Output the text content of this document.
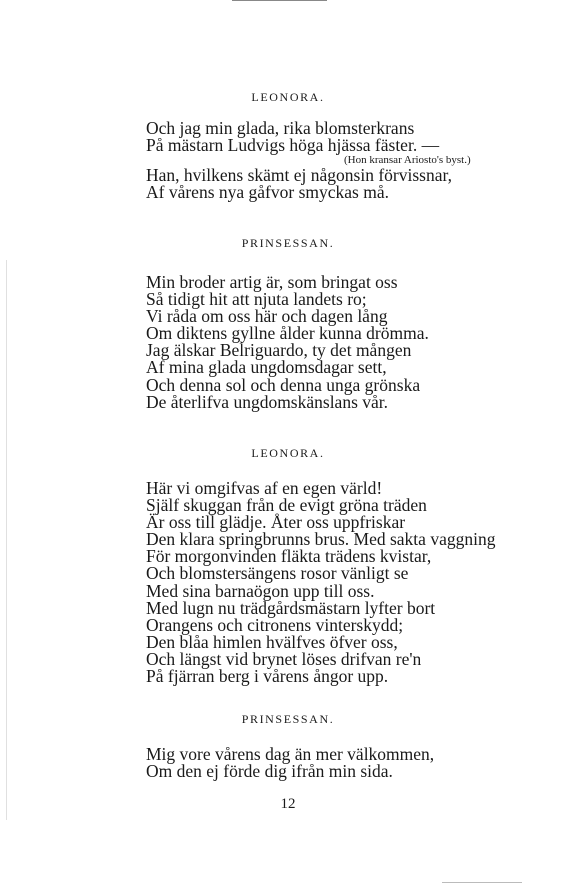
LEONORA.
Och jag min glada, rika blomsterkrans
På mästarn Ludvigs höga hjässa fäster. —
(Hon kransar Ariosto's byst.)
Han, hvilkens skämt ej någonsin förvissnar,
Af vårens nya gåfvor smyckas må.
PRINSESSAN.
Min broder artig är, som bringat oss
Så tidigt hit att njuta landets ro;
Vi råda om oss här och dagen lång
Om diktens gyllne ålder kunna drömma.
Jag älskar Belriguardo, ty det mången
Af mina glada ungdomsdagar sett,
Och denna sol och denna unga grönska
De återlifva ungdomskänslans vår.
LEONORA.
Här vi omgifvas af en egen värld!
Själf skuggan från de evigt gröna träden
Är oss till glädje. Åter oss uppfriskar
Den klara springbrunns brus. Med sakta vaggning
För morgonvinden fläkta trädens kvistar,
Och blomstersängens rosor vänligt se
Med sina barnaögon upp till oss.
Med lugn nu trädgårdsmästarn lyfter bort
Orangens och citronens vinterskydd;
Den blåa himlen hvälfves öfver oss,
Och längst vid brynet löses drifvan re'n
På fjärran berg i vårens ångor upp.
PRINSESSAN.
Mig vore vårens dag än mer välkommen,
Om den ej förde dig ifrån min sida.
12
